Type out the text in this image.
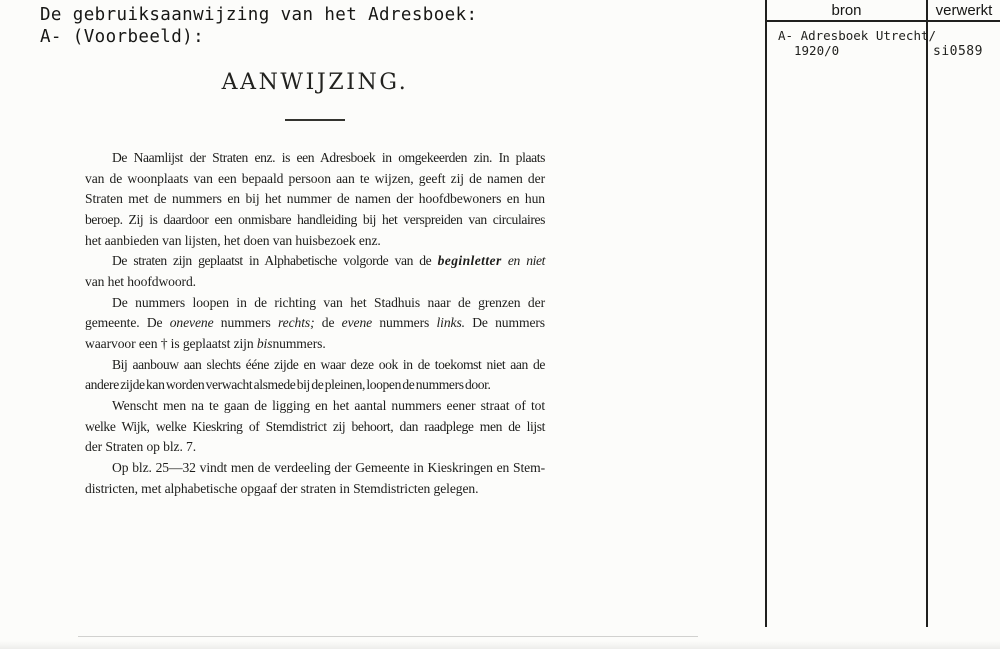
De gebruiksaanwijzing van het Adresboek:
A- (Voorbeeld):
bron	verwerkt
A- Adresboek Utrecht/
1920/0	si0589
AANWIJZING.
De Naamlijst der Straten enz. is een Adresboek in omgekeerden zin. In plaats
van de woonplaats van een bepaald persoon aan te wijzen, geeft zij de namen der
Straten met de nummers en bij het nummer de namen der hoofdbewoners en hun
beroep. Zij is daardoor een onmisbare handleiding bij het verspreiden van circulaires
het aanbieden van lijsten, het doen van huisbezoek enz.
De straten zijn geplaatst in Alphabetische volgorde van de beginletter en niet
van het hoofdwoord.
De nummers loopen in de richting van het Stadhuis naar de grenzen der
gemeente. De onevene nummers rechts; de evene nummers links. De nummers
waarvoor een † is geplaatst zijn bisnummers.
Bij aanbouw aan slechts ééne zijde en waar deze ook in de toekomst niet aan de
andere zijde kan worden verwacht alsmede bij de pleinen, loopen de nummers door.
Wenscht men na te gaan de ligging en het aantal nummers eener straat of tot
welke Wijk, welke Kieskring of Stemdistrict zij behoort, dan raadplege men de lijst
der Straten op blz. 7.
Op blz. 25—32 vindt men de verdeeling der Gemeente in Kieskringen en Stem-
districten, met alphabetische opgaaf der straten in Stemdistricten gelegen.
